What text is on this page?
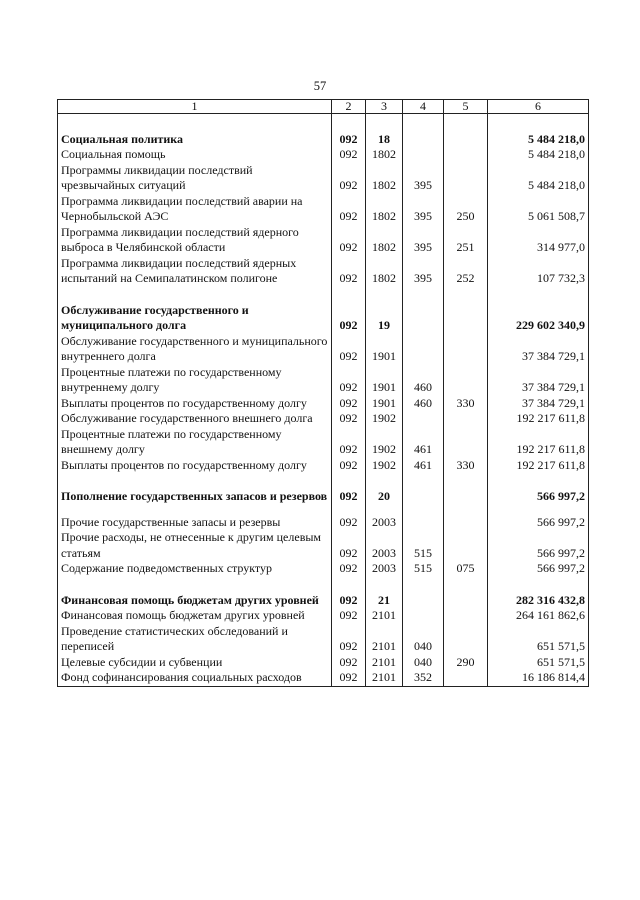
57
1	2	3	4	5	6

Социальная политика	092	18			5 484 218,0
Социальная помощь	092	1802			5 484 218,0
Программы ликвидации последствий чрезвычайных ситуаций	092	1802	395		5 484 218,0
Программа ликвидации последствий аварии на Чернобыльской АЭС	092	1802	395	250	5 061 508,7
Программа ликвидации последствий ядерного выброса в Челябинской области	092	1802	395	251	314 977,0
Программа ликвидации последствий ядерных испытаний на Семипалатинском полигоне	092	1802	395	252	107 732,3

Обслуживание государственного и муниципального долга	092	19			229 602 340,9
Обслуживание государственного и муниципального внутреннего долга	092	1901			37 384 729,1
Процентные платежи по государственному внутреннему долгу	092	1901	460		37 384 729,1
Выплаты процентов по государственному долгу	092	1901	460	330	37 384 729,1
Обслуживание государственного внешнего долга	092	1902			192 217 611,8
Процентные платежи по государственному внешнему долгу	092	1902	461		192 217 611,8
Выплаты процентов по государственному долгу	092	1902	461	330	192 217 611,8

Пополнение государственных запасов и резервов	092	20			566 997,2

Прочие государственные запасы и резервы	092	2003			566 997,2
Прочие расходы, не отнесенные к другим целевым статьям	092	2003	515		566 997,2
Содержание подведомственных структур	092	2003	515	075	566 997,2

Финансовая помощь бюджетам других уровней	092	21			282 316 432,8
Финансовая помощь бюджетам других уровней	092	2101			264 161 862,6
Проведение статистических обследований и переписей	092	2101	040		651 571,5
Целевые субсидии и субвенции	092	2101	040	290	651 571,5
Фонд софинансирования социальных расходов	092	2101	352		16 186 814,4
